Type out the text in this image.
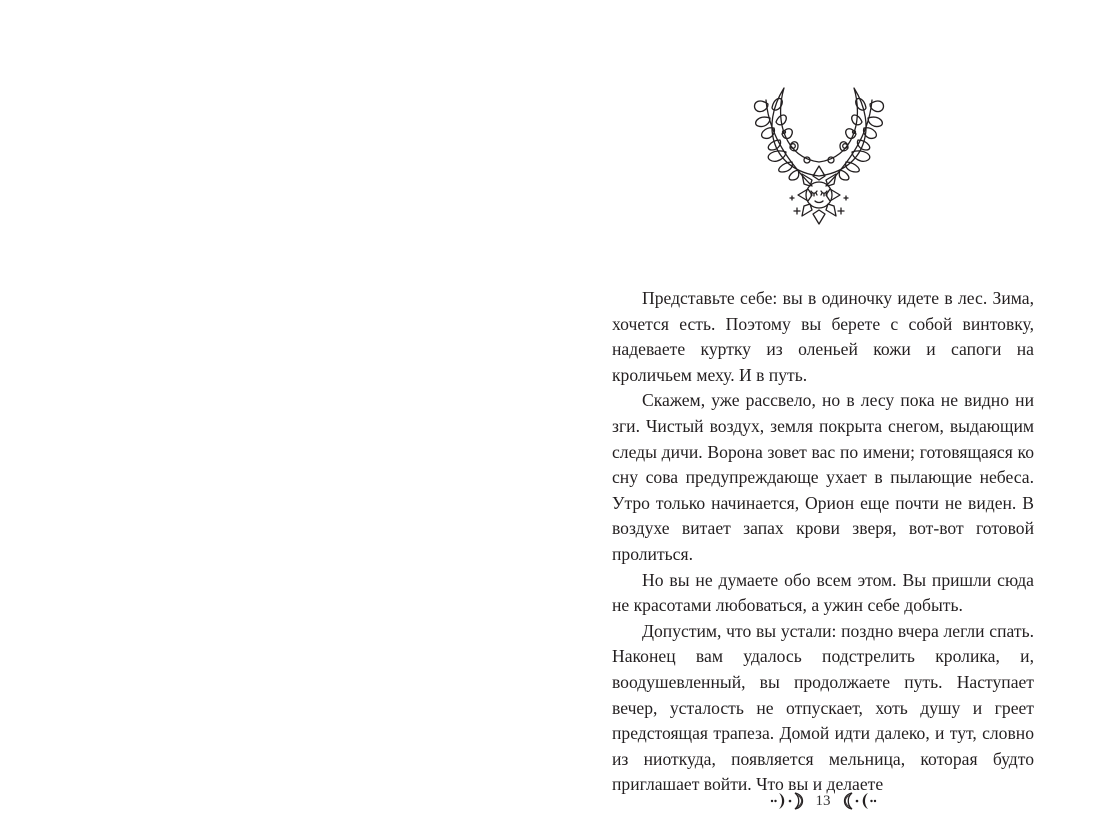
Представьте себе: вы в одиночку идете в лес. Зима, хочется есть. Поэтому вы берете с собой винтовку, надеваете куртку из оленьей кожи и сапоги на кроличьем меху. И в путь.

Скажем, уже рассвело, но в лесу пока не видно ни зги. Чистый воздух, земля покрыта снегом, выдающим следы дичи. Ворона зовет вас по имени; готовящаяся ко сну сова предупреждающе ухает в пылающие небеса. Утро только начинается, Орион еще почти не виден. В воздухе витает запах крови зверя, вот-вот готовой пролиться.

Но вы не думаете обо всем этом. Вы пришли сюда не красотами любоваться, а ужин себе добыть.

Допустим, что вы устали: поздно вчера легли спать. Наконец вам удалось подстрелить кролика, и, воодушевленный, вы продолжаете путь. Наступает вечер, усталость не отпускает, хоть душу и греет предстоящая трапеза. Домой идти далеко, и тут, словно из ниоткуда, появляется мельница, которая будто приглашает войти. Что вы и делаете

13
